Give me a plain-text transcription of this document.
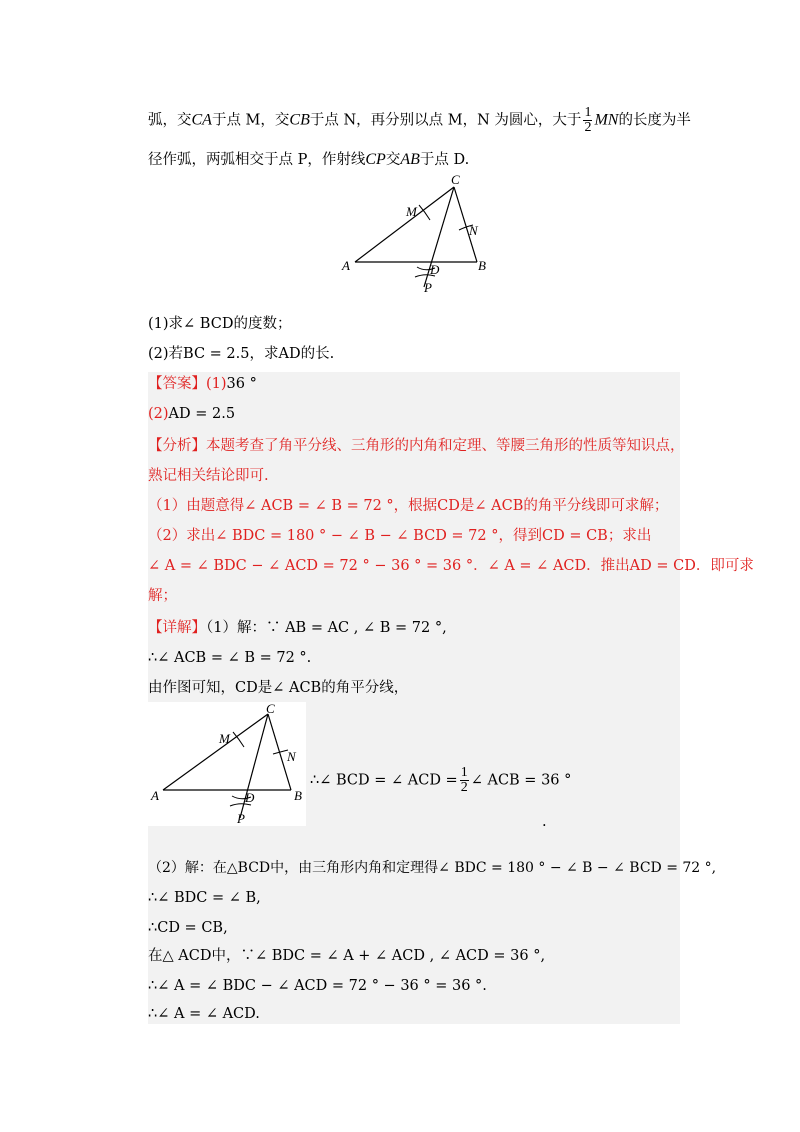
弧，交CA于点 M，交CB于点 N，再分别以点 M，N 为圆心，大于 $\frac{1}{2}$ MN的长度为半
径作弧，两弧相交于点 P，作射线CP交AB于点 D.
C
M
N
A	B
D
P
(1)求∠ BCD的度数；
(2)若BC = 2.5，求AD的长.
【答案】(1)36 °
(2)AD = 2.5
【分析】本题考查了角平分线、三角形的内角和定理、等腰三角形的性质等知识点，
熟记相关结论即可.
（1）由题意得∠ ACB = ∠ B = 72 °，根据CD是∠ ACB的角平分线即可求解；
（2）求出∠ BDC = 180 ° − ∠ B − ∠ BCD = 72 °，得到CD = CB；求出
∠ A = ∠ BDC − ∠ ACD = 72 ° − 36 ° = 36 °．∠ A = ∠ ACD．推出AD = CD．即可求
解；
【详解】（1）解：∵ AB = AC , ∠ B = 72 °,
∴∠ ACB = ∠ B = 72 °.
由作图可知，CD是∠ ACB的角平分线，
C
M
N
A	B
D
P
∴∠ BCD = ∠ ACD = $\frac{1}{2}$ ∠ ACB = 36 °
.
（2）解：在△BCD中，由三角形内角和定理得∠ BDC = 180 ° − ∠ B − ∠ BCD = 72 °,
∴∠ BDC = ∠ B,
∴CD = CB,
在△ ACD中，∵∠ BDC = ∠ A + ∠ ACD , ∠ ACD = 36 °,
∴∠ A = ∠ BDC − ∠ ACD = 72 ° − 36 ° = 36 °.
∴∠ A = ∠ ACD.
